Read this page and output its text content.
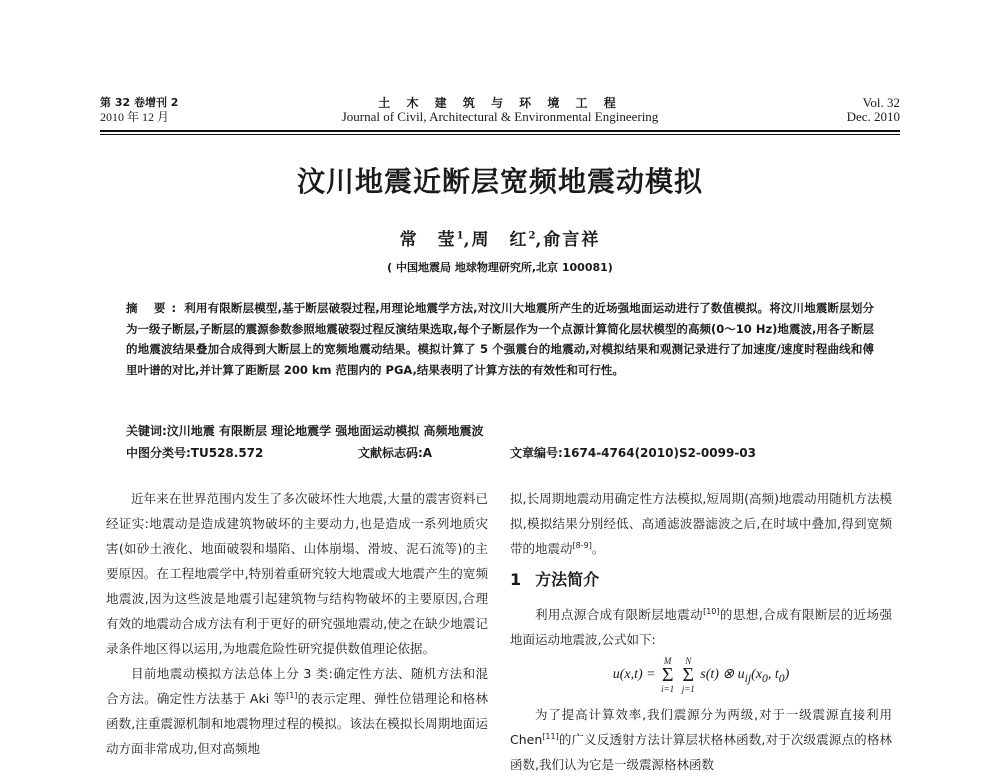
第 32 卷增刊 2
2010 年 12 月
土 木 建 筑 与 环 境 工 程
Journal of Civil, Architectural & Environmental Engineering
Vol. 32
Dec. 2010
汶川地震近断层宽频地震动模拟
常　莹$^1$,周　红$^2$,俞言祥
( 中国地震局 地球物理研究所,北京 100081)
摘 要: 利用有限断层模型,基于断层破裂过程,用理论地震学方法,对汶川大地震所产生的近场强地面运动进行了数值模拟。将汶川地震断层划分为一级子断层,子断层的震源参数参照地震破裂过程反演结果选取,每个子断层作为一个点源计算简化层状模型的高频(0～10 Hz)地震波,用各子断层的地震波结果叠加合成得到大断层上的宽频地震动结果。模拟计算了 5 个强震台的地震动,对模拟结果和观测记录进行了加速度/速度时程曲线和傅里叶谱的对比,并计算了距断层 200 km 范围内的 PGA,结果表明了计算方法的有效性和可行性。
关键词:汶川地震 有限断层 理论地震学 强地面运动模拟 高频地震波
中图分类号:TU528.572	文献标志码:A	文章编号:1674-4764(2010)S2-0099-03

近年来在世界范围内发生了多次破坏性大地震,大量的震害资料已经证实:地震动是造成建筑物破坏的主要动力,也是造成一系列地质灾害(如砂土液化、地面破裂和塌陷、山体崩塌、滑坡、泥石流等)的主要原因。在工程地震学中,特别着重研究较大地震或大地震产生的宽频地震波,因为这些波是地震引起建筑物与结构物破坏的主要原因,合理有效的地震动合成方法有利于更好的研究强地震动,使之在缺少地震记录条件地区得以运用,为地震危险性研究提供数值理论依据。

目前地震动模拟方法总体上分 3 类:确定性方法、随机方法和混合方法。确定性方法基于 Aki 等[1]的表示定理、弹性位错理论和格林函数,注重震源机制和地震物理过程的模拟。该法在模拟长周期地面运动方面非常成功,但对高频地

拟,长周期地震动用确定性方法模拟,短周期(高频)地震动用随机方法模拟,模拟结果分别经低、高通滤波器滤波之后,在时域中叠加,得到宽频带的地震动[8-9]。

1 方法简介

利用点源合成有限断层地震动[10]的思想,合成有限断层的近场强地面运动地震波,公式如下:

u(x,t) =
M
Σ
i=1

N
Σ
j=1
s(t) ⊗ $u_{ij}(x_0$, $t_0$)

为了提高计算效率,我们震源分为两级,对于一级震源直接利用 Chen[11]的广义反透射方法计算层状格林函数,对于次级震源点的格林函数,我们认为它是一级震源格林函数
